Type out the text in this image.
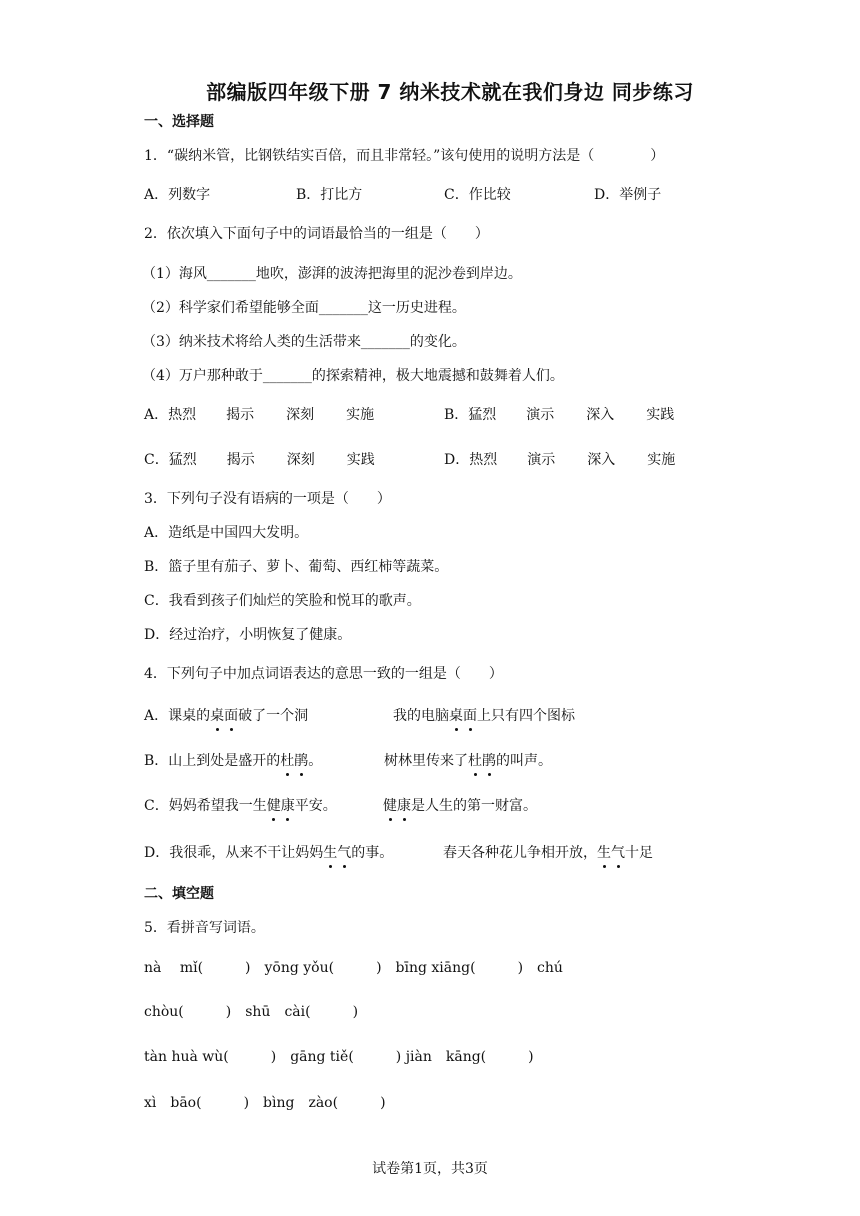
部编版四年级下册 7 纳米技术就在我们身边 同步练习
一、选择题
1．“碳纳米管，比钢铁结实百倍，而且非常轻。”该句使用的说明方法是（　　　　）
A．列数字	B．打比方	C．作比较	D．举例子
2．依次填入下面句子中的词语最恰当的一组是（　　）
（1）海风_______地吹，澎湃的波涛把海里的泥沙卷到岸边。
（2）科学家们希望能够全面_______这一历史进程。
（3）纳米技术将给人类的生活带来_______的变化。
（4）万户那种敢于_______的探索精神，极大地震撼和鼓舞着人们。
A．热烈 揭示 深刻 实施	B．猛烈 演示 深入 实践
C．猛烈 揭示 深刻 实践	D．热烈 演示 深入 实施
3．下列句子没有语病的一项是（　　）
A．造纸是中国四大发明。
B．篮子里有茄子、萝卜、葡萄、西红柿等蔬菜。
C．我看到孩子们灿烂的笑脸和悦耳的歌声。
D．经过治疗，小明恢复了健康。
4．下列句子中加点词语表达的意思一致的一组是（　　）
A．课桌的桌面破了一个洞	我的电脑桌面上只有四个图标
B．山上到处是盛开的杜鹃。	树林里传来了杜鹃的叫声。
C．妈妈希望我一生健康平安。	健康是人生的第一财富。
D．我很乖，从来不干让妈妈生气的事。	春天各种花儿争相开放，生气十足
二、填空题
5．看拼音写词语。
nà　 mǐ(　　　)　yōng yǒu(　　　)　bīng xiāng(　　　)　chú
chòu(　　　)　shū　cài(　　　)
tàn huà wù(　　　)　gāng tiě(　　　) jiàn　kāng(　　　)
xì　bāo(　　　)　bìng　zào(　　　)
试卷第1页，共3页
